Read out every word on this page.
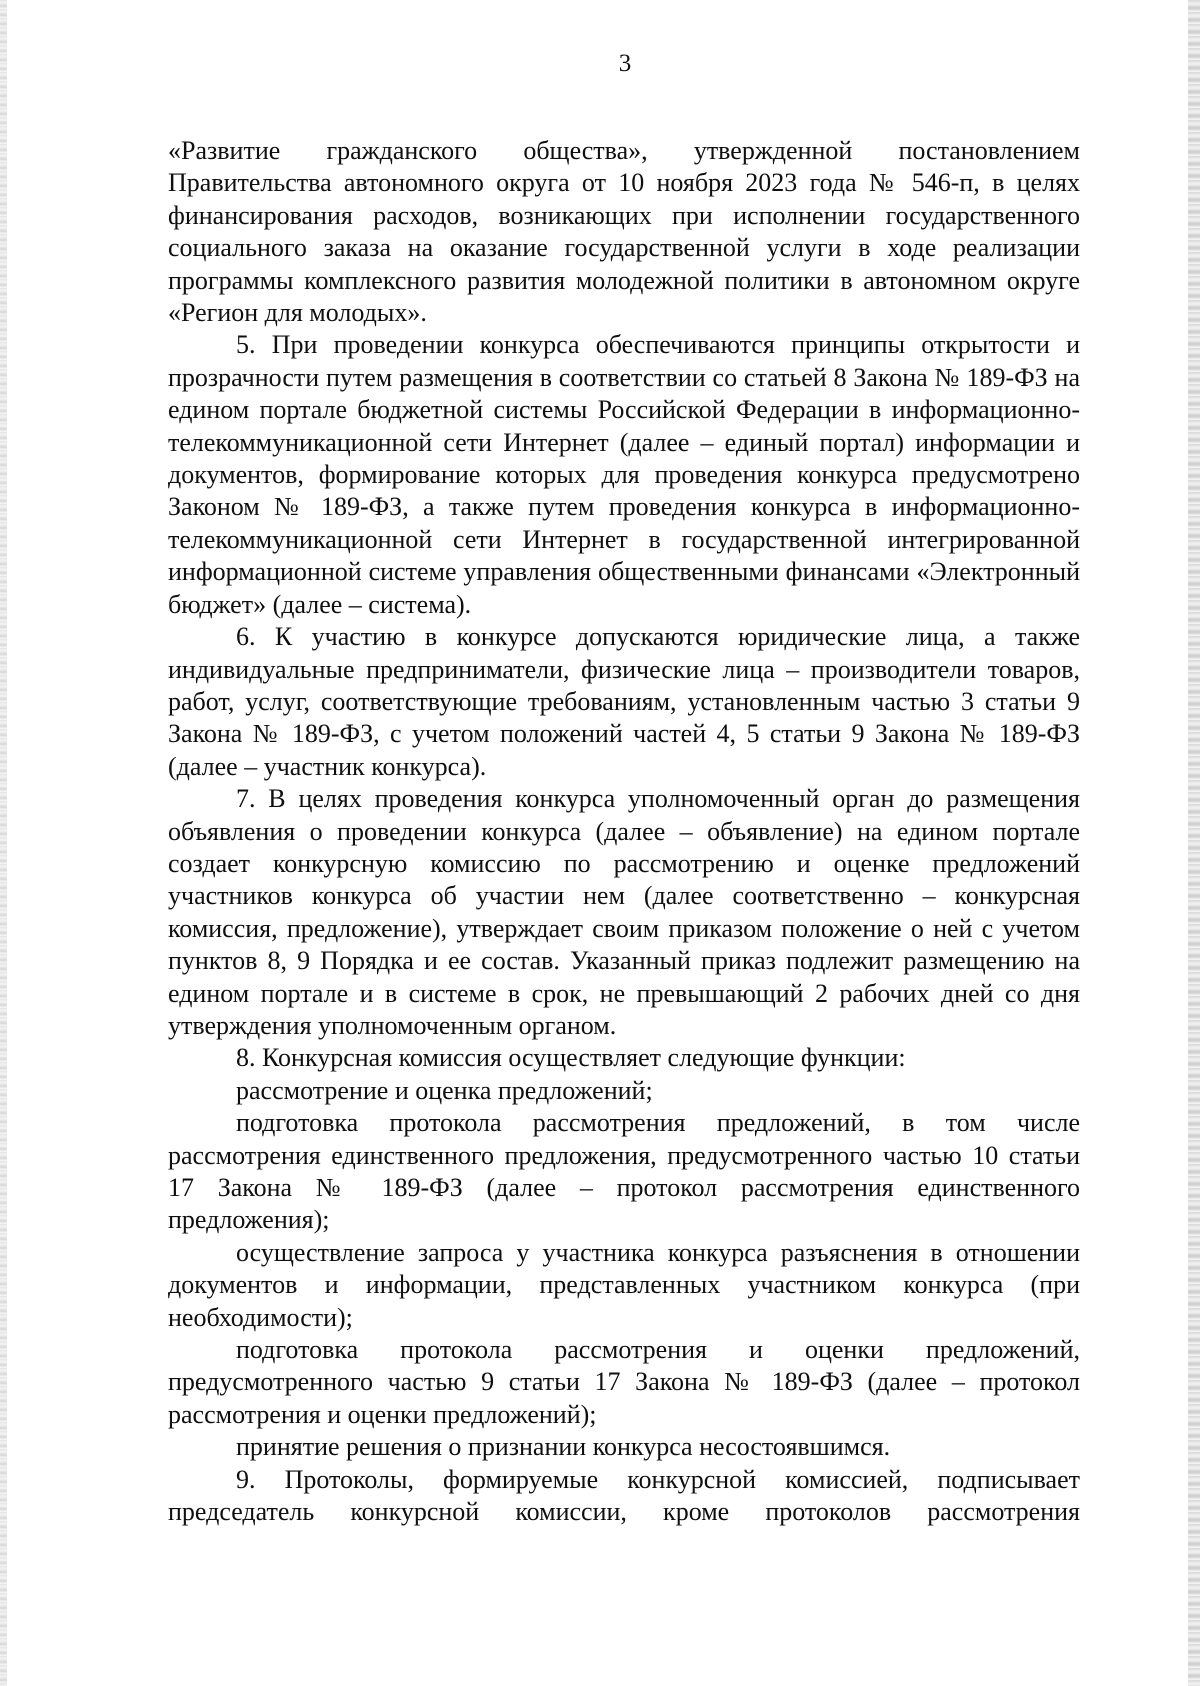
3

«Развитие гражданского общества», утвержденной постановлением Правительства автономного округа от 10 ноября 2023 года № 546-п, в целях финансирования расходов, возникающих при исполнении государственного социального заказа на оказание государственной услуги в ходе реализации программы комплексного развития молодежной политики в автономном округе «Регион для молодых».

5. При проведении конкурса обеспечиваются принципы открытости и прозрачности путем размещения в соответствии со статьей 8 Закона № 189-ФЗ на едином портале бюджетной системы Российской Федерации в информационно-телекоммуникационной сети Интернет (далее – единый портал) информации и документов, формирование которых для проведения конкурса предусмотрено Законом № 189-ФЗ, а также путем проведения конкурса в информационно-телекоммуникационной сети Интернет в государственной интегрированной информационной системе управления общественными финансами «Электронный бюджет» (далее – система).

6. К участию в конкурсе допускаются юридические лица, а также индивидуальные предприниматели, физические лица – производители товаров, работ, услуг, соответствующие требованиям, установленным частью 3 статьи 9 Закона № 189-ФЗ, с учетом положений частей 4, 5 статьи 9 Закона № 189-ФЗ (далее – участник конкурса).

7. В целях проведения конкурса уполномоченный орган до размещения объявления о проведении конкурса (далее – объявление) на едином портале создает конкурсную комиссию по рассмотрению и оценке предложений участников конкурса об участии нем (далее соответственно – конкурсная комиссия, предложение), утверждает своим приказом положение о ней с учетом пунктов 8, 9 Порядка и ее состав. Указанный приказ подлежит размещению на едином портале и в системе в срок, не превышающий 2 рабочих дней со дня утверждения уполномоченным органом.

8. Конкурсная комиссия осуществляет следующие функции:

рассмотрение и оценка предложений;

подготовка протокола рассмотрения предложений, в том числе рассмотрения единственного предложения, предусмотренного частью 10 статьи 17 Закона № 189-ФЗ (далее – протокол рассмотрения единственного предложения);

осуществление запроса у участника конкурса разъяснения в отношении документов и информации, представленных участником конкурса (при необходимости);

подготовка протокола рассмотрения и оценки предложений, предусмотренного частью 9 статьи 17 Закона № 189-ФЗ (далее – протокол рассмотрения и оценки предложений);

принятие решения о признании конкурса несостоявшимся.

9. Протоколы, формируемые конкурсной комиссией, подписывает председатель конкурсной комиссии, кроме протоколов рассмотрения
